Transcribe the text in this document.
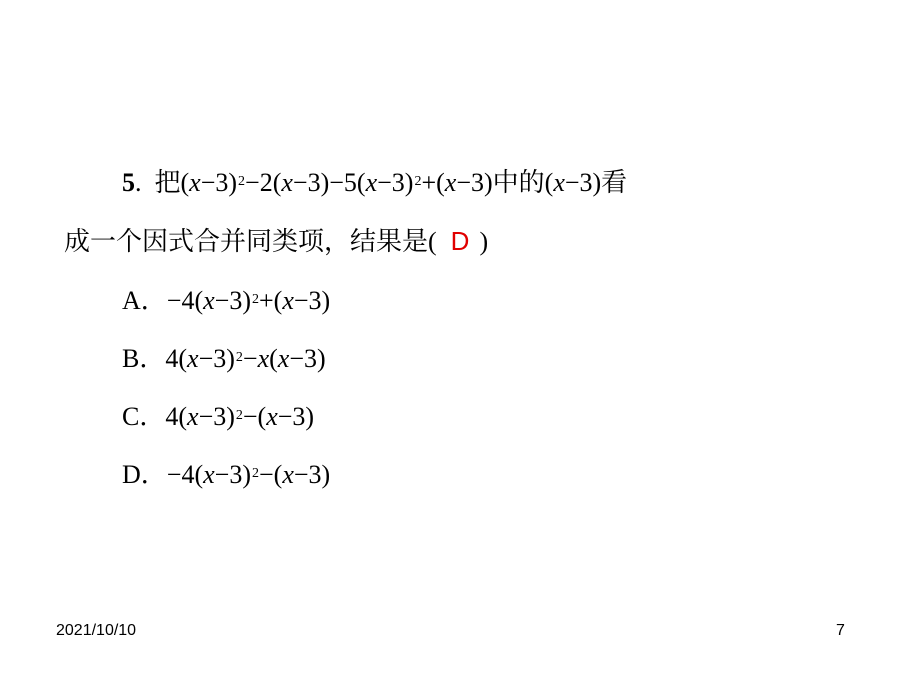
5.  把$(x-3)^2-2(x-3)-5(x-3)^2+(x-3)$中的(x−3)看
成一个因式合并同类项，结果是( D )
A．$-4(x-3)^2+(x-3)$
B．$4(x-3)^2-x(x-3)$
C．$4(x-3)^2-(x-3)$
D．$-4(x-3)^2-(x-3)$
2021/10/10	7
